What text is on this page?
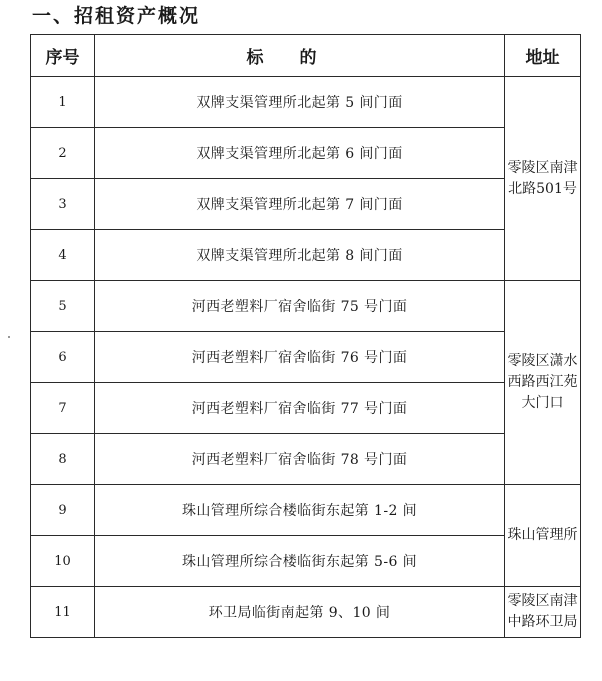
一、招租资产概况
序号	标的	地址
1	双牌支渠管理所北起第 5 间门面	零陵区南津北路501号
2	双牌支渠管理所北起第 6 间门面	
3	双牌支渠管理所北起第 7 间门面	
4	双牌支渠管理所北起第 8 间门面	
5	河西老塑料厂宿舍临街 75 号门面	零陵区潇水西路西江苑大门口
6	河西老塑料厂宿舍临街 76 号门面	
7	河西老塑料厂宿舍临街 77 号门面	
8	河西老塑料厂宿舍临街 78 号门面	
9	珠山管理所综合楼临街东起第 1-2 间	珠山管理所
10	珠山管理所综合楼临街东起第 5-6 间	
11	环卫局临街南起第 9、10 间	零陵区南津中路环卫局
